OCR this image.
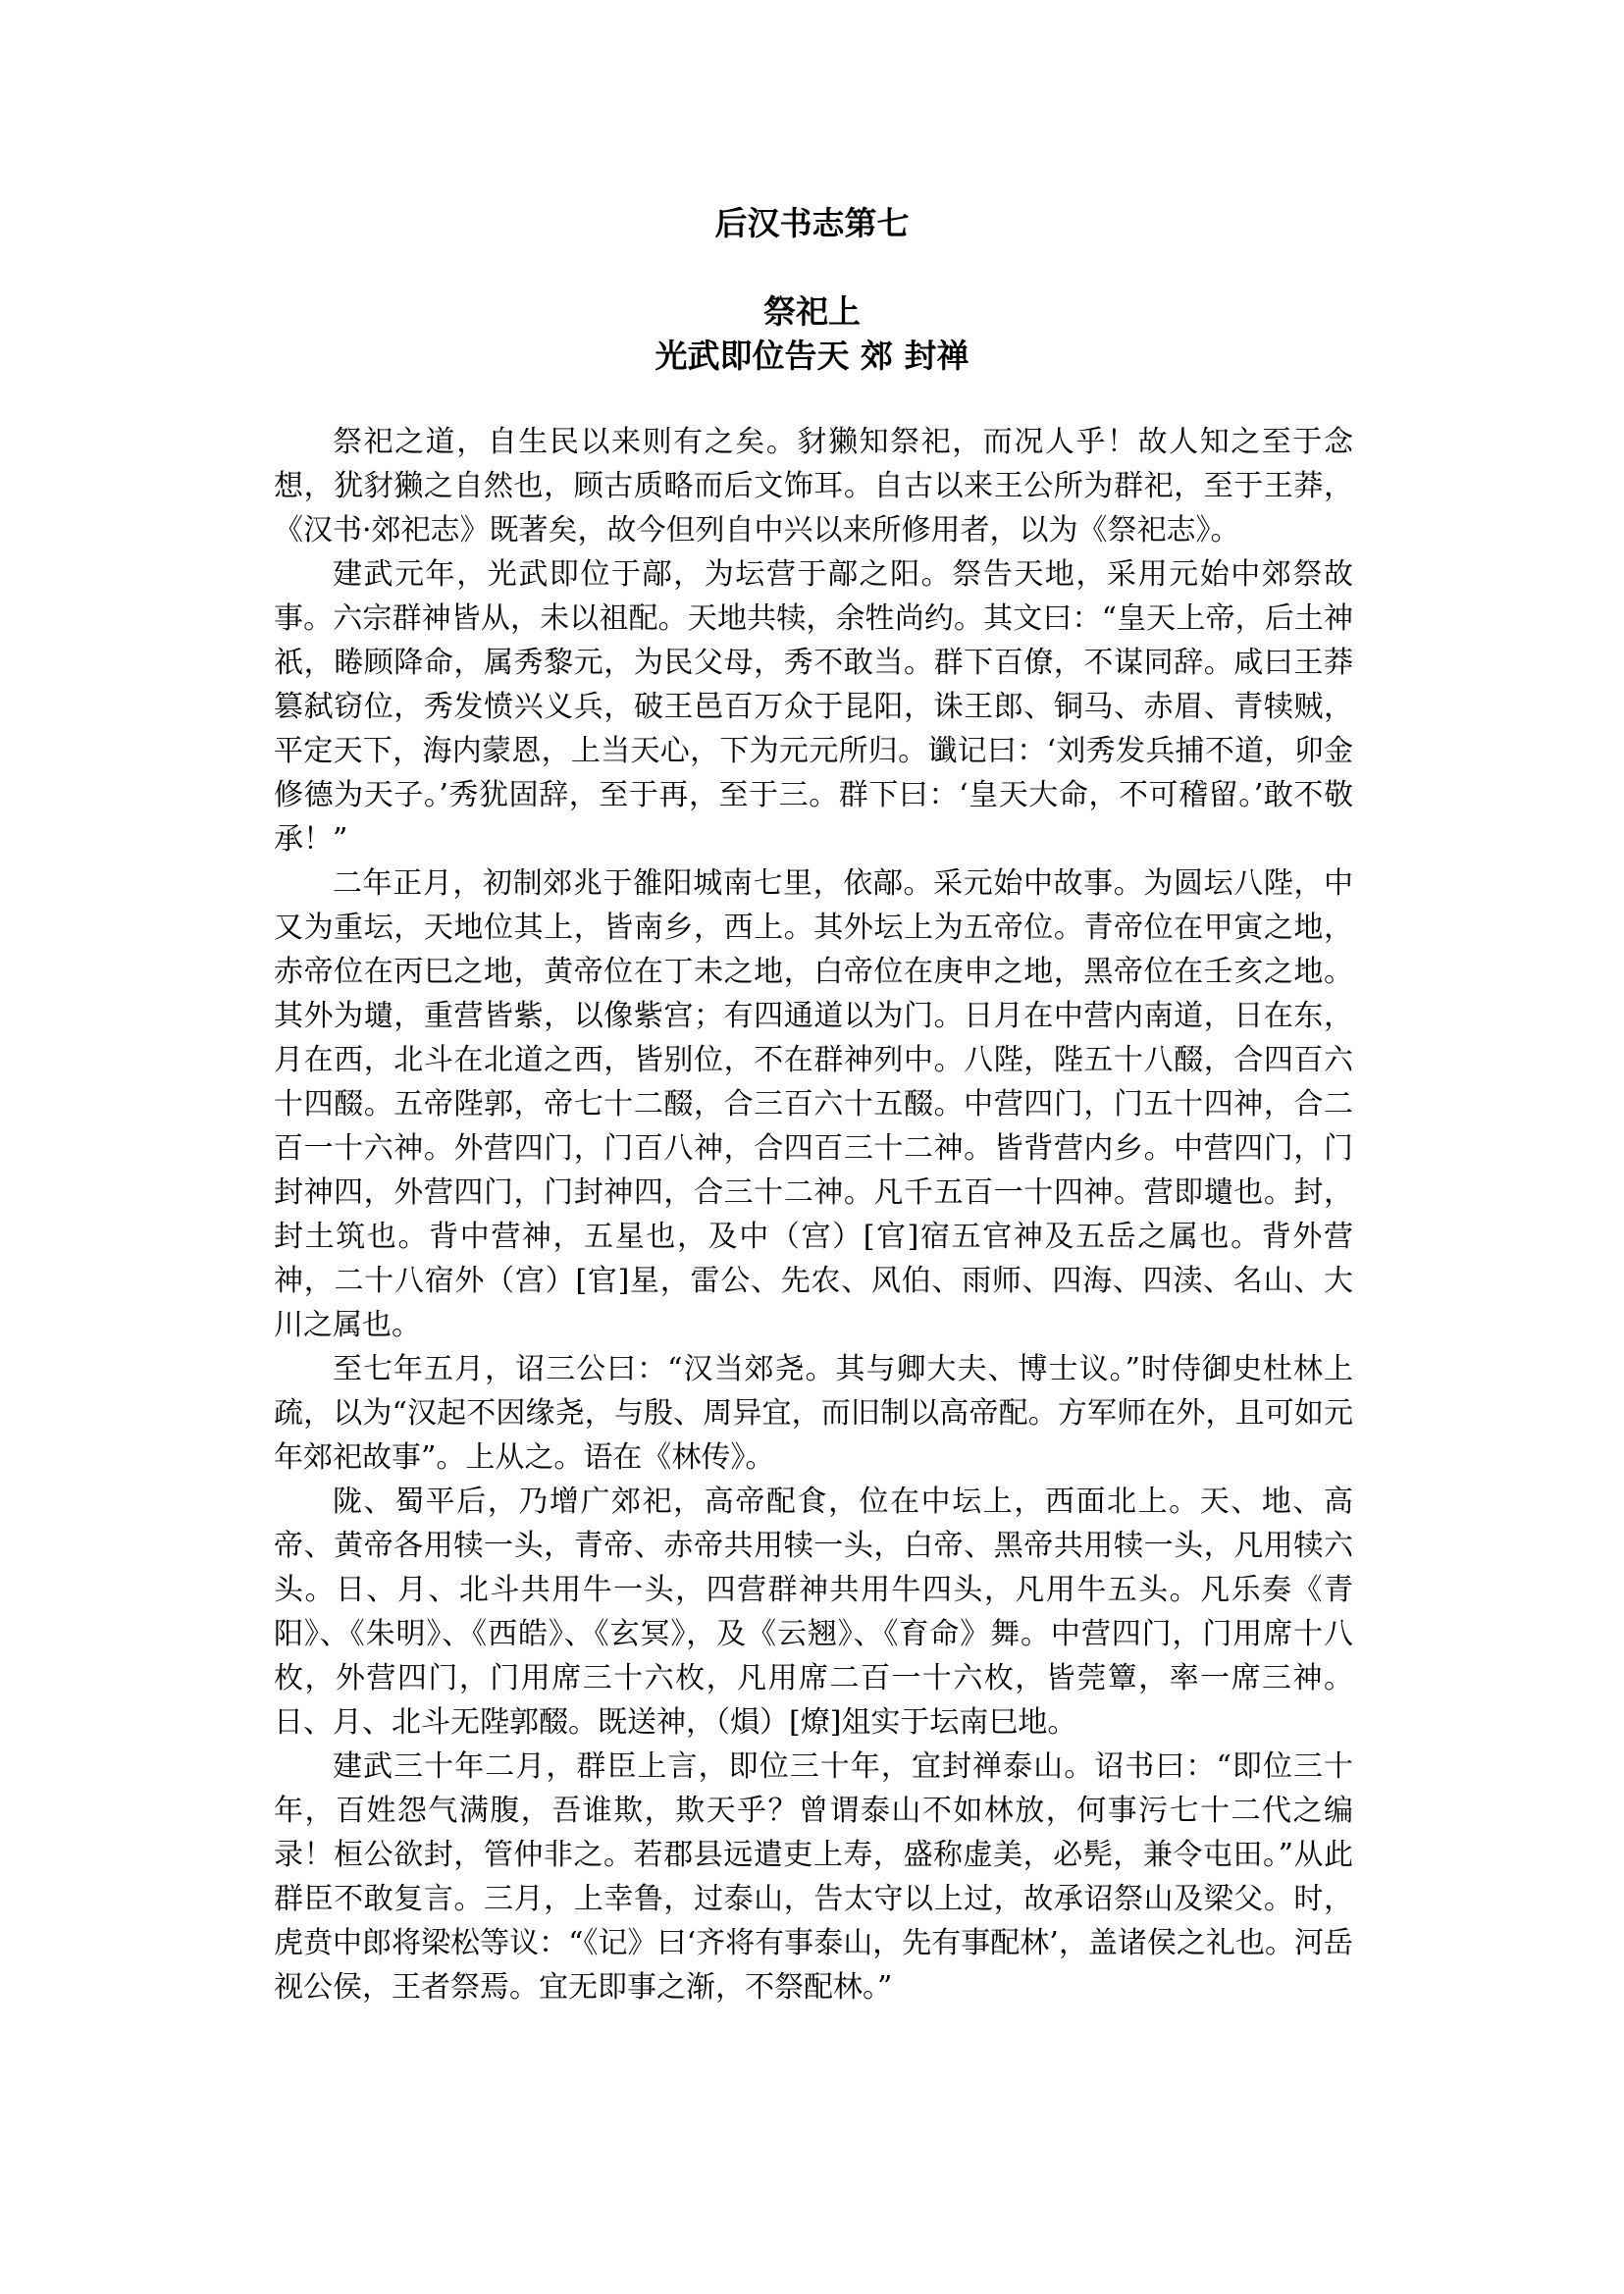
后汉书志第七
祭祀上
光武即位告天 郊 封禅

祭祀之道，自生民以来则有之矣。豺獭知祭祀，而况人乎！故人知之至于念想，犹豺獭之自然也，顾古质略而后文饰耳。自古以来王公所为群祀，至于王莽，《汉书·郊祀志》既著矣，故今但列自中兴以来所修用者，以为《祭祀志》。

建武元年，光武即位于鄗，为坛营于鄗之阳。祭告天地，采用元始中郊祭故事。六宗群神皆从，未以祖配。天地共犊，余牲尚约。其文曰：“皇天上帝，后土神祇，睠顾降命，属秀黎元，为民父母，秀不敢当。群下百僚，不谋同辞。咸曰王莽篡弑窃位，秀发愤兴义兵，破王邑百万众于昆阳，诛王郎、铜马、赤眉、青犊贼，平定天下，海内蒙恩，上当天心，下为元元所归。谶记曰：‘刘秀发兵捕不道，卯金修德为天子。’秀犹固辞，至于再，至于三。群下曰：‘皇天大命，不可稽留。’敢不敬承！”

二年正月，初制郊兆于雒阳城南七里，依鄗。采元始中故事。为圆坛八陛，中又为重坛，天地位其上，皆南乡，西上。其外坛上为五帝位。青帝位在甲寅之地，赤帝位在丙巳之地，黄帝位在丁未之地，白帝位在庚申之地，黑帝位在壬亥之地。其外为壝，重营皆紫，以像紫宫；有四通道以为门。日月在中营内南道，日在东，月在西，北斗在北道之西，皆别位，不在群神列中。八陛，陛五十八醊，合四百六十四醊。五帝陛郭，帝七十二醊，合三百六十五醊。中营四门，门五十四神，合二百一十六神。外营四门，门百八神，合四百三十二神。皆背营内乡。中营四门，门封神四，外营四门，门封神四，合三十二神。凡千五百一十四神。营即壝也。封，封土筑也。背中营神，五星也，及中（宫）[官]宿五官神及五岳之属也。背外营神，二十八宿外（宫）[官]星，雷公、先农、风伯、雨师、四海、四渎、名山、大川之属也。

至七年五月，诏三公曰：“汉当郊尧。其与卿大夫、博士议。”时侍御史杜林上疏，以为“汉起不因缘尧，与殷、周异宜，而旧制以高帝配。方军师在外，且可如元年郊祀故事”。上从之。语在《林传》。

陇、蜀平后，乃增广郊祀，高帝配食，位在中坛上，西面北上。天、地、高帝、黄帝各用犊一头，青帝、赤帝共用犊一头，白帝、黑帝共用犊一头，凡用犊六头。日、月、北斗共用牛一头，四营群神共用牛四头，凡用牛五头。凡乐奏《青阳》、《朱明》、《西皓》、《玄冥》，及《云翘》、《育命》舞。中营四门，门用席十八枚，外营四门，门用席三十六枚，凡用席二百一十六枚，皆莞簟，率一席三神。日、月、北斗无陛郭醊。既送神，（熉）[燎]俎实于坛南巳地。

建武三十年二月，群臣上言，即位三十年，宜封禅泰山。诏书曰：“即位三十年，百姓怨气满腹，吾谁欺，欺天乎？曾谓泰山不如林放，何事污七十二代之编录！桓公欲封，管仲非之。若郡县远遣吏上寿，盛称虚美，必髡，兼令屯田。”从此群臣不敢复言。三月，上幸鲁，过泰山，告太守以上过，故承诏祭山及梁父。时，虎贲中郎将梁松等议：“《记》曰‘齐将有事泰山，先有事配林’，盖诸侯之礼也。河岳视公侯，王者祭焉。宜无即事之渐，不祭配林。”
